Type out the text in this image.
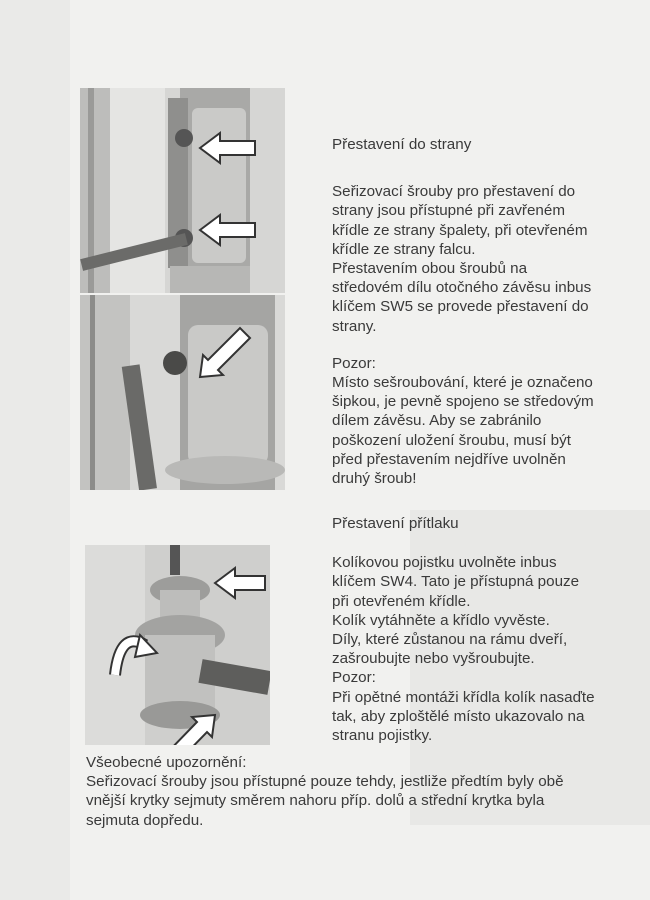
Přestavení do strany

Seřizovací šrouby pro přestavení do

strany jsou přístupné při zavřeném

křídle ze strany špalety, při otevřeném

křídle ze strany falcu.

Přestavením obou šroubů na

středovém dílu otočného závěsu inbus

klíčem SW5 se provede přestavení do

strany.

Pozor:

Místo sešroubování, které je označeno

šipkou, je pevně spojeno se středovým

dílem závěsu. Aby se zabránilo

poškození uložení šroubu, musí být

před přestavením nejdříve uvolněn

druhý šroub!

Přestavení přítlaku

Kolíkovou pojistku uvolněte inbus

klíčem SW4. Tato je přístupná pouze

při otevřeném křídle.

Kolík vytáhněte a křídlo vyvěste.

Díly, které zůstanou na rámu dveří,

zašroubujte nebo vyšroubujte.

Pozor:

Při opětné montáži křídla kolík nasaďte

tak, aby zploštělé místo ukazovalo na

stranu pojistky.

Všeobecné upozornění:

Seřizovací šrouby jsou přístupné pouze tehdy, jestliže předtím byly obě

vnější krytky sejmuty směrem nahoru příp. dolů a střední krytka byla

sejmuta dopředu.
